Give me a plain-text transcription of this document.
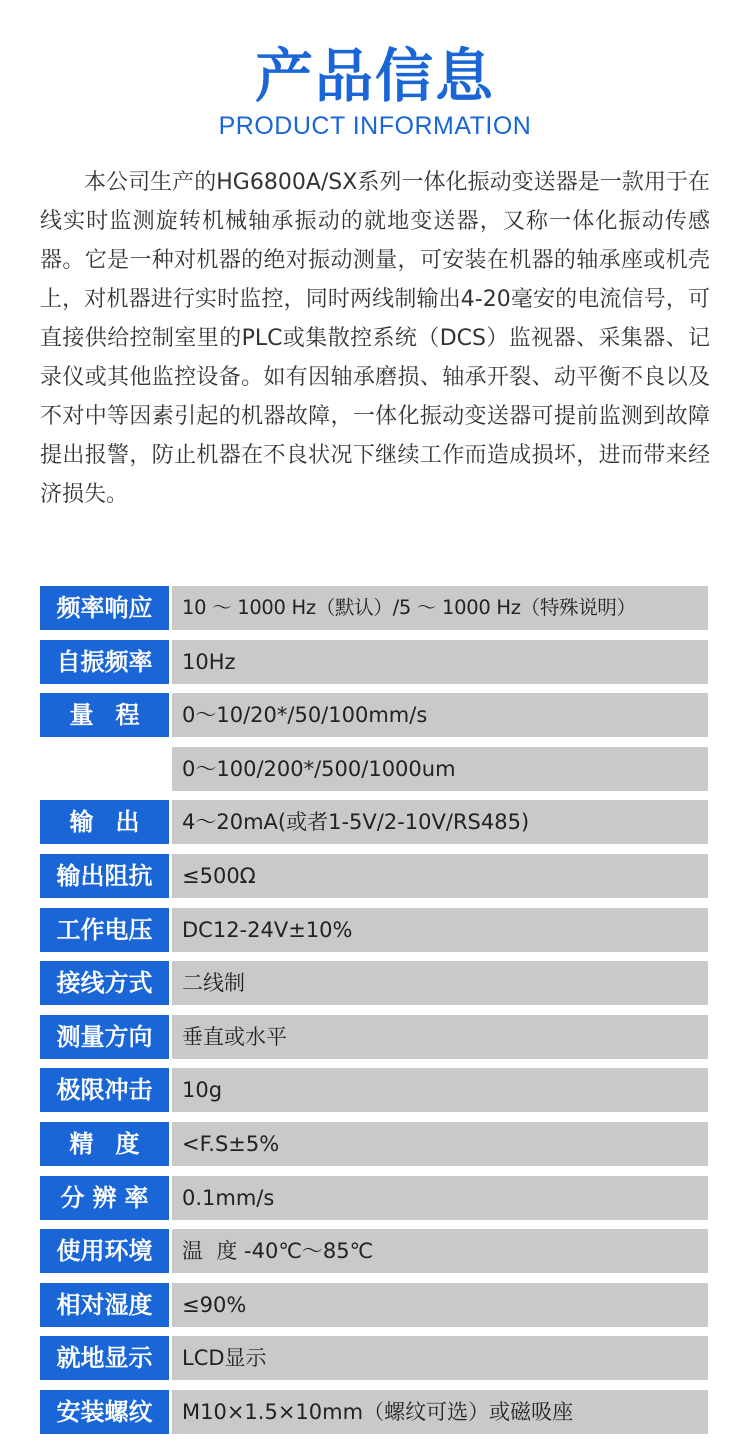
产品信息
PRODUCT INFORMATION

本公司生产的HG6800A/SX系列一体化振动变送器是一款用于在线实时监测旋转机械轴承振动的就地变送器，又称一体化振动传感器。它是一种对机器的绝对振动测量，可安装在机器的轴承座或机壳上，对机器进行实时监控，同时两线制输出4-20毫安的电流信号，可直接供给控制室里的PLC或集散控系统（DCS）监视器、采集器、记录仪或其他监控设备。如有因轴承磨损、轴承开裂、动平衡不良以及不对中等因素引起的机器故障，一体化振动变送器可提前监测到故障提出报警，防止机器在不良状况下继续工作而造成损坏，进而带来经济损失。

频率响应	10 ～ 1000 Hz（默认）/5 ～ 1000 Hz（特殊说明）
自振频率	10Hz
量程 0～10/20*/50/100mm/s
0～100/200*/500/1000um
输出 4～20mA(或者1-5V/2-10V/RS485)
输出阻抗	≤500Ω
工作电压	DC12-24V±10%
接线方式	二线制
测量方向	垂直或水平
极限冲击	10g
精度 <F.S±5%
分辨率	0.1mm/s
使用环境	温  度 -40℃～85℃
相对湿度	≤90%
就地显示	LCD显示
安装螺纹	M10×1.5×10mm（螺纹可选）或磁吸座
